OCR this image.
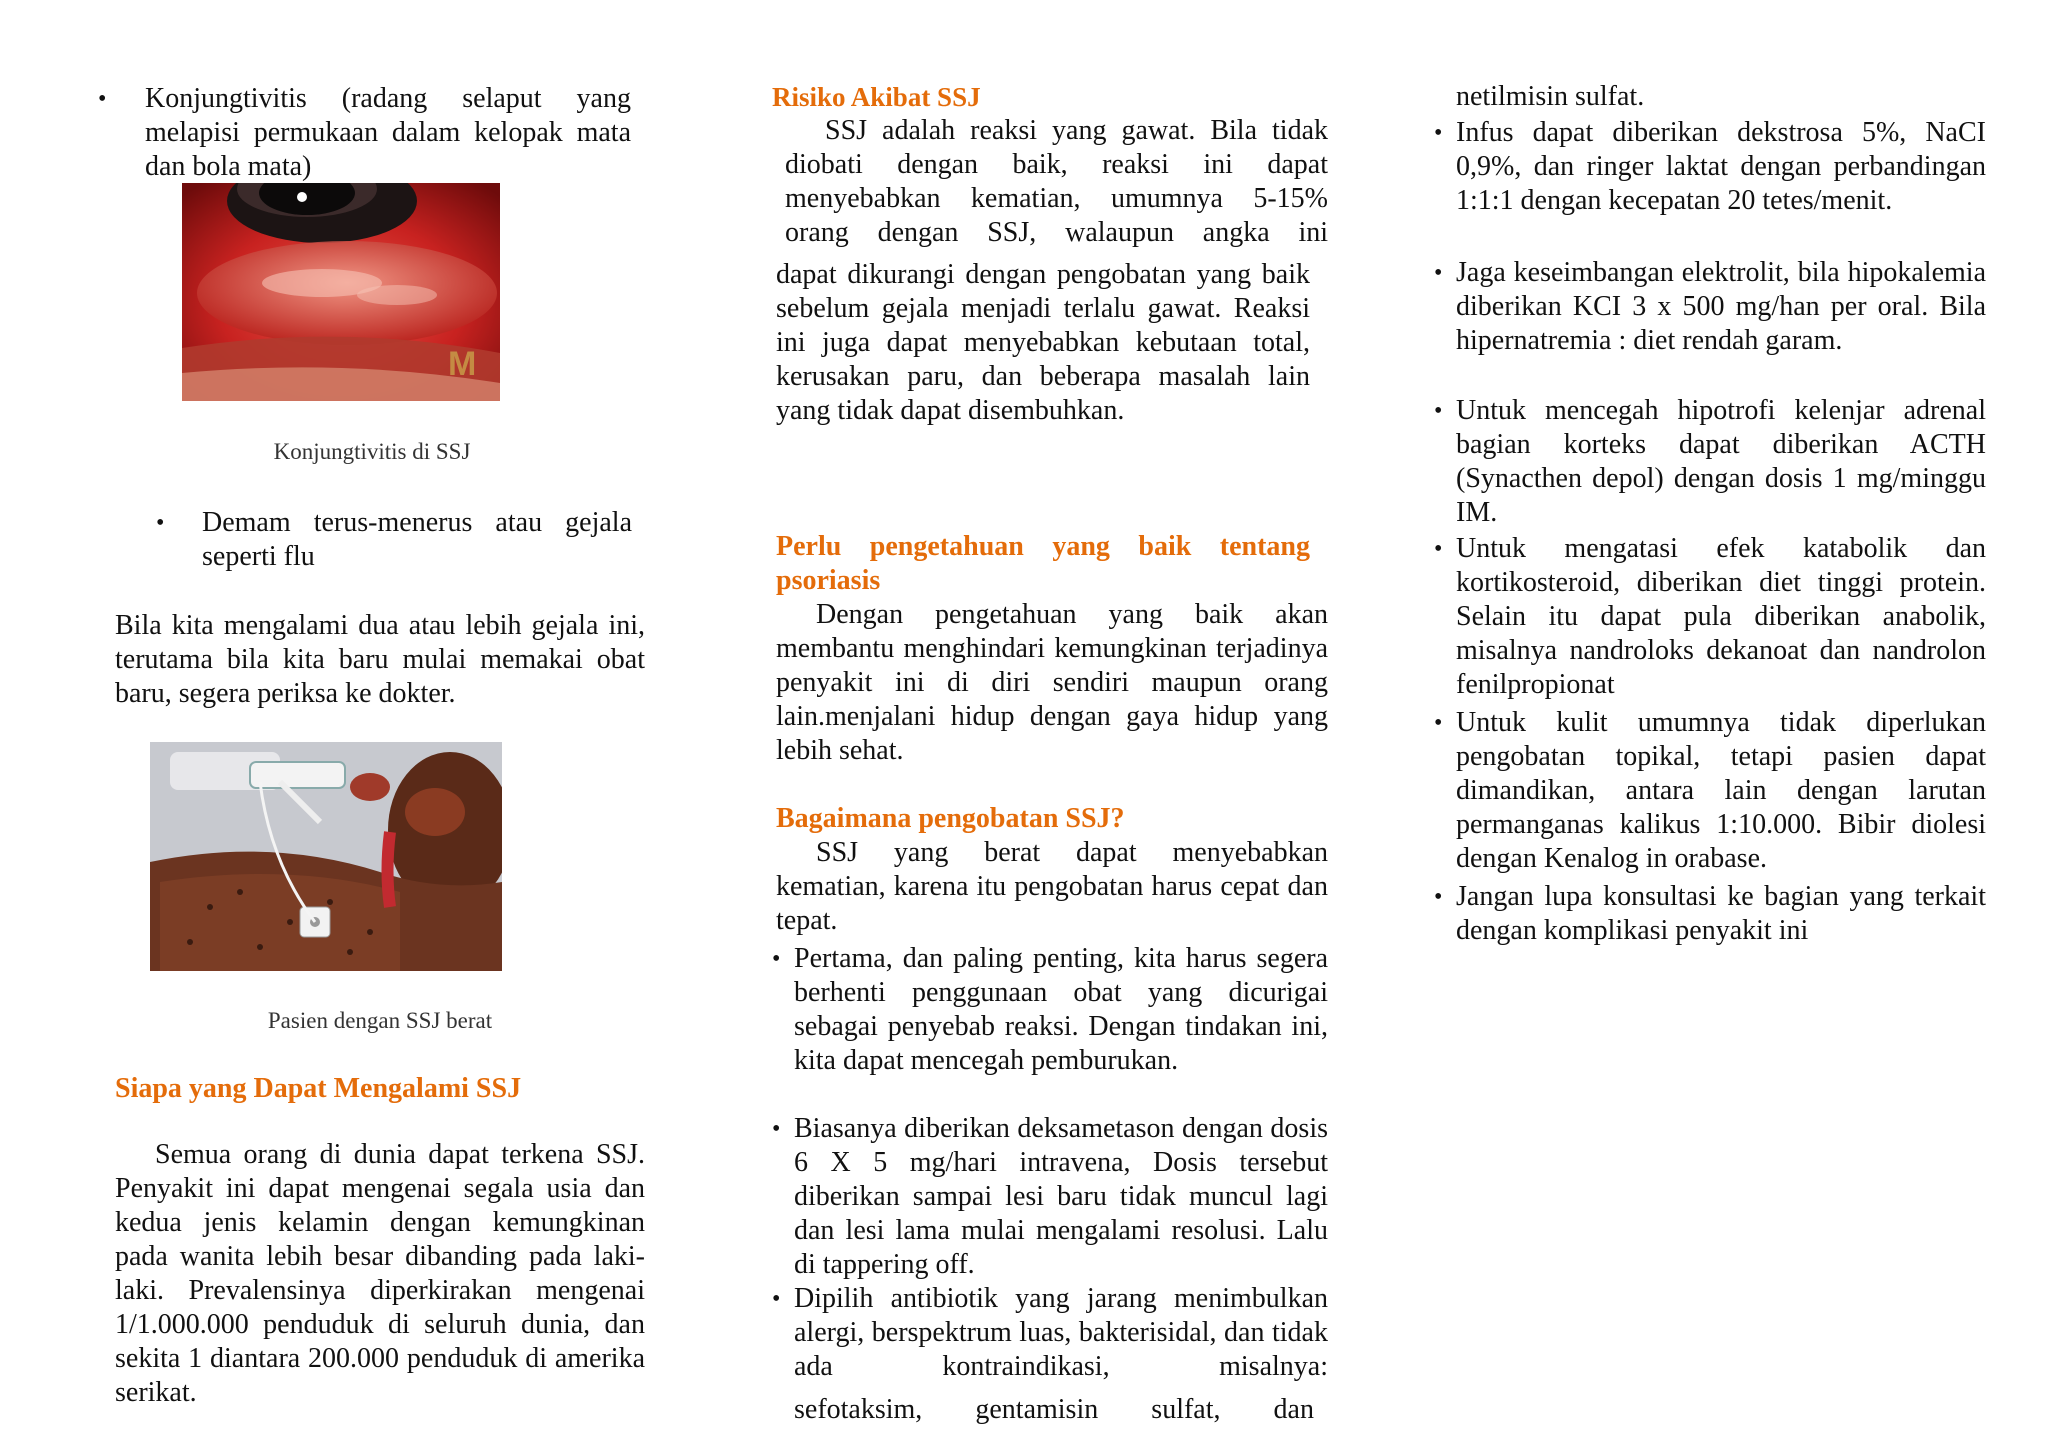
• Konjungtivitis (radang selaput yang melapisi permukaan dalam kelopak mata dan bola mata)

M
Konjungtivitis di SSJ
• Demam terus-menerus atau gejala seperti flu

Bila kita mengalami dua atau lebih gejala ini, terutama bila kita baru mulai memakai obat baru, segera periksa ke dokter.

Pasien dengan SSJ berat
Siapa yang Dapat Mengalami SSJ

Semua orang di dunia dapat terkena SSJ. Penyakit ini dapat mengenai segala usia dan kedua jenis kelamin dengan kemungkinan pada wanita lebih besar dibanding pada laki-laki. Prevalensinya diperkirakan mengenai 1/1.000.000 penduduk di seluruh dunia, dan sekita 1 diantara 200.000 penduduk di amerika serikat.

Risiko Akibat SSJ

SSJ adalah reaksi yang gawat. Bila tidak diobati dengan baik, reaksi ini dapat menyebabkan kematian, umumnya 5-15% orang dengan SSJ, walaupun angka ini

dapat dikurangi dengan pengobatan yang baik sebelum gejala menjadi terlalu gawat. Reaksi ini juga dapat menyebabkan kebutaan total, kerusakan paru, dan beberapa masalah lain yang tidak dapat disembuhkan.

Perlu pengetahuan yang baik tentang psoriasis

Dengan pengetahuan yang baik akan membantu menghindari kemungkinan terjadinya penyakit ini di diri sendiri maupun orang lain.menjalani hidup dengan gaya hidup yang lebih sehat.

Bagaimana pengobatan SSJ?

SSJ yang berat dapat menyebabkan kematian, karena itu pengobatan harus cepat dan tepat.

• Pertama, dan paling penting, kita harus segera berhenti penggunaan obat yang dicurigai sebagai penyebab reaksi. Dengan tindakan ini, kita dapat mencegah pemburukan.

• Biasanya diberikan deksametason dengan dosis 6 X 5 mg/hari intravena, Dosis tersebut diberikan sampai lesi baru tidak muncul lagi dan lesi lama mulai mengalami resolusi. Lalu di tappering off.

• Dipilih antibiotik yang jarang menimbulkan alergi, berspektrum luas, bakterisidal, dan tidak ada kontraindikasi, misalnya:

sefotaksim, gentamisin sulfat, dan

netilmisin sulfat.

• Infus dapat diberikan dekstrosa 5%, NaCI 0,9%, dan ringer laktat dengan perbandingan 1:1:1 dengan kecepatan 20 tetes/menit.

• Jaga keseimbangan elektrolit, bila hipokalemia diberikan KCI 3 x 500 mg/han per oral. Bila hipernatremia : diet rendah garam.

• Untuk mencegah hipotrofi kelenjar adrenal bagian korteks dapat diberikan ACTH (Synacthen depol) dengan dosis 1 mg/minggu IM.

• Untuk mengatasi efek katabolik dan kortikosteroid, diberikan diet tinggi protein. Selain itu dapat pula diberikan anabolik, misalnya nandroloks dekanoat dan nandrolon fenilpropionat

• Untuk kulit umumnya tidak diperlukan pengobatan topikal, tetapi pasien dapat dimandikan, antara lain dengan larutan permanganas kalikus 1:10.000. Bibir diolesi dengan Kenalog in orabase.

• Jangan lupa konsultasi ke bagian yang terkait dengan komplikasi penyakit ini
